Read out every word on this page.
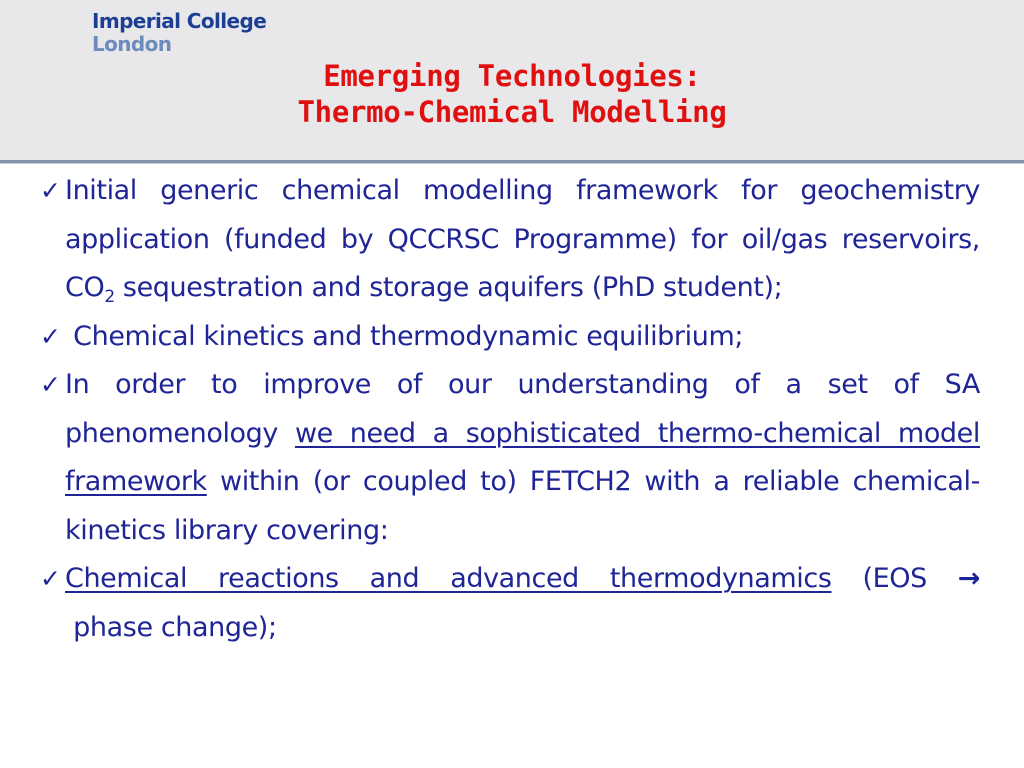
Imperial College
London
Emerging Technologies:
Thermo-Chemical Modelling
✓ Initial generic chemical modelling framework for geochemistry application (funded by QCCRSC Programme) for oil/gas reservoirs, $CO_2$ sequestration and storage aquifers (PhD student);
✓ Chemical kinetics and thermodynamic equilibrium;
✓ In order to improve of our understanding of a set of SA phenomenology we need a sophisticated thermo-chemical model framework within (or coupled to) FETCH2 with a reliable chemical-kinetics library covering:
✓ Chemical reactions and advanced thermodynamics (EOS → phase change);
